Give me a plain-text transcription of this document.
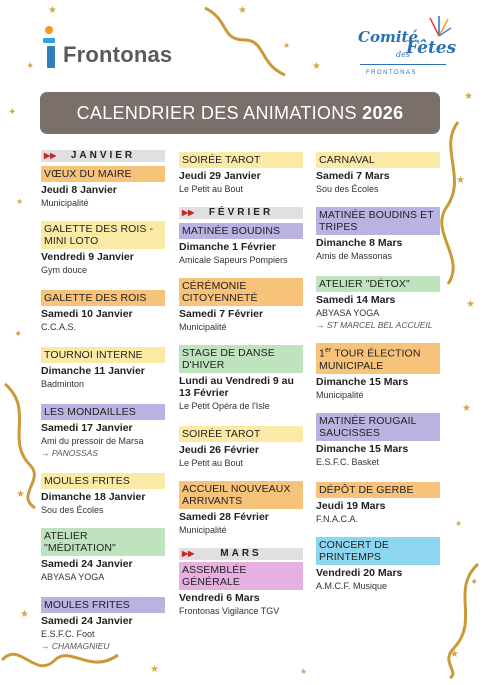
★
✦
★
★
★
✦
★
★
★
★
✦
★
★
★
✦
★
★	★
★
Frontonas
Comité
Fêtes
des
FRONTONAS
CALENDRIER DES ANIMATIONS 2026
▶▶ JANVIER
VŒUX DU MAIRE
Jeudi 8 Janvier
Municipalité
GALETTE DES ROIS - MINI LOTO
Vendredi 9 Janvier
Gym douce
GALETTE DES ROIS
Samedi 10 Janvier
C.C.A.S.
TOURNOI INTERNE
Dimanche 11 Janvier
Badminton
LES MONDAILLES
Samedi 17 Janvier
Ami du pressoir de Marsa
→ PANOSSAS
MOULES FRITES
Dimanche 18 Janvier
Sou des Écoles
ATELIER "MÉDITATION"
Samedi 24 Janvier
ABYASA YOGA
MOULES FRITES
Samedi 24 Janvier
E.S.F.C. Foot
→ CHAMAGNIEU
SOIRÉE TAROT
Jeudi 29 Janvier
Le Petit au Bout
▶▶ FÉVRIER
MATINÉE BOUDINS
Dimanche 1 Février
Amicale Sapeurs Pompiers
CÉRÉMONIE CITOYENNETÉ
Samedi 7 Février
Municipalité
STAGE DE DANSE D'HIVER
Lundi au Vendredi 9 au 13 Février
Le Petit Opéra de l'Isle
SOIRÉE TAROT
Jeudi 26 Février
Le Petit au Bout
ACCUEIL NOUVEAUX ARRIVANTS
Samedi 28 Février
Municipalité
▶▶	MARS
ASSEMBLÉE GÉNÉRALE
Vendredi 6 Mars
Frontonas Vigilance TGV
CARNAVAL
Samedi 7 Mars
Sou des Écoles
MATINÉE BOUDINS ET TRIPES
Dimanche 8 Mars
Amis de Massonas
ATELIER "DÉTOX"
Samedi 14 Mars
ABYASA YOGA
→ ST MARCEL BEL ACCUEIL
1er TOUR ÉLECTION MUNICIPALE
Dimanche 15 Mars
Municipalité
MATINÉE ROUGAIL SAUCISSES
Dimanche 15 Mars
E.S.F.C. Basket
DÉPÔT DE GERBE
Jeudi 19 Mars
F.N.A.C.A.
CONCERT DE PRINTEMPS
Vendredi 20 Mars
A.M.C.F. Musique
